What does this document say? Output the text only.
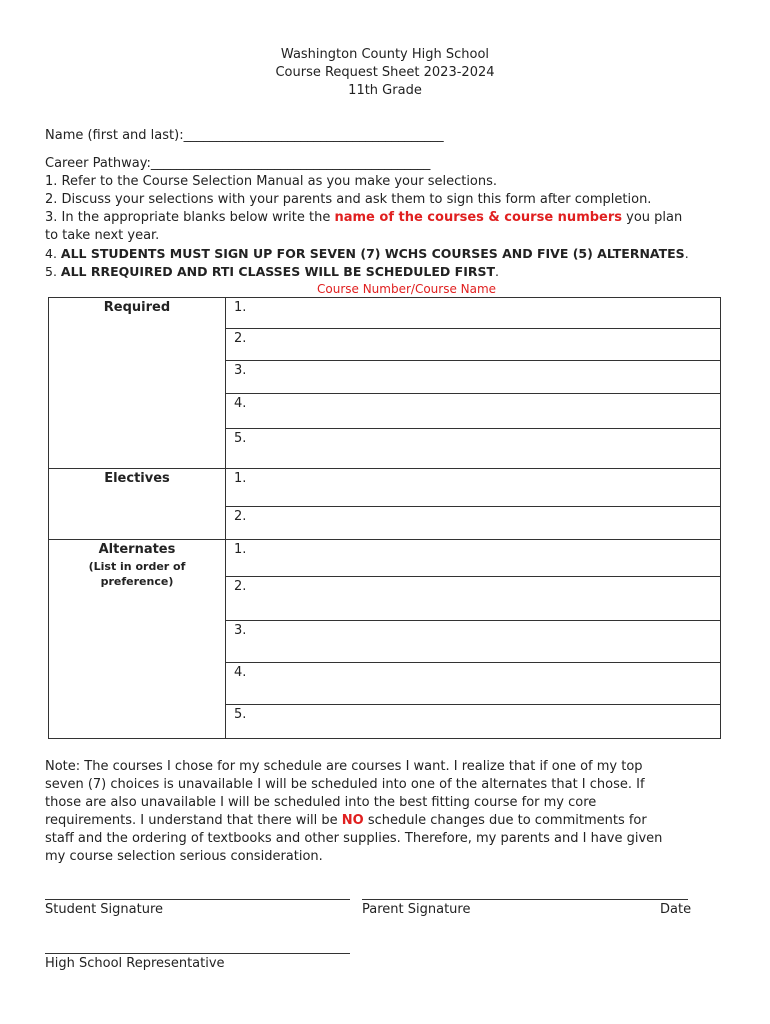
Washington County High School
Course Request Sheet 2023-2024
11th Grade
Name (first and last):________________________________________
Career Pathway:___________________________________________
1. Refer to the Course Selection Manual as you make your selections.
2. Discuss your selections with your parents and ask them to sign this form after completion.
3. In the appropriate blanks below write the name of the courses & course numbers you plan
to take next year.
4. ALL STUDENTS MUST SIGN UP FOR SEVEN (7) WCHS COURSES AND FIVE (5) ALTERNATES.
5. ALL RREQUIRED AND RTI CLASSES WILL BE SCHEDULED FIRST.
Course Number/Course Name
Required	1.
	2.
	3.
	4.
	5.
Electives	1.
	2.

Alternates
(List in order of
preference)	1.
	2.
	3.
	4.
	5.
Note: The courses I chose for my schedule are courses I want. I realize that if one of my top
seven (7) choices is unavailable I will be scheduled into one of the alternates that I chose. If
those are also unavailable I will be scheduled into the best fitting course for my core
requirements. I understand that there will be NO schedule changes due to commitments for
staff and the ordering of textbooks and other supplies. Therefore, my parents and I have given
my course selection serious consideration.
Student Signature	Parent Signature	Date
High School Representative
